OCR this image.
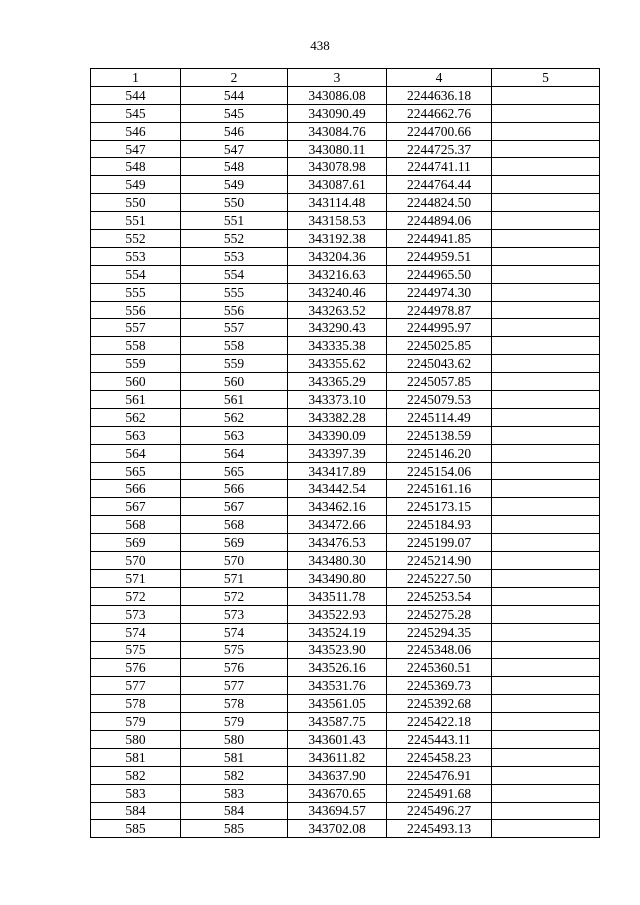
438
1	2	3	4	5
544	544	343086.08	2244636.18	
545	545	343090.49	2244662.76	
546	546	343084.76	2244700.66	
547	547	343080.11	2244725.37	
548	548	343078.98	2244741.11	
549	549	343087.61	2244764.44	
550	550	343114.48	2244824.50	
551	551	343158.53	2244894.06	
552	552	343192.38	2244941.85	
553	553	343204.36	2244959.51	
554	554	343216.63	2244965.50	
555	555	343240.46	2244974.30	
556	556	343263.52	2244978.87	
557	557	343290.43	2244995.97	
558	558	343335.38	2245025.85	
559	559	343355.62	2245043.62	
560	560	343365.29	2245057.85	
561	561	343373.10	2245079.53	
562	562	343382.28	2245114.49	
563	563	343390.09	2245138.59	
564	564	343397.39	2245146.20	
565	565	343417.89	2245154.06	
566	566	343442.54	2245161.16	
567	567	343462.16	2245173.15	
568	568	343472.66	2245184.93	
569	569	343476.53	2245199.07	
570	570	343480.30	2245214.90	
571	571	343490.80	2245227.50	
572	572	343511.78	2245253.54	
573	573	343522.93	2245275.28	
574	574	343524.19	2245294.35	
575	575	343523.90	2245348.06	
576	576	343526.16	2245360.51	
577	577	343531.76	2245369.73	
578	578	343561.05	2245392.68	
579	579	343587.75	2245422.18	
580	580	343601.43	2245443.11	
581	581	343611.82	2245458.23	
582	582	343637.90	2245476.91	
583	583	343670.65	2245491.68	
584	584	343694.57	2245496.27	
585	585	343702.08	2245493.13	
